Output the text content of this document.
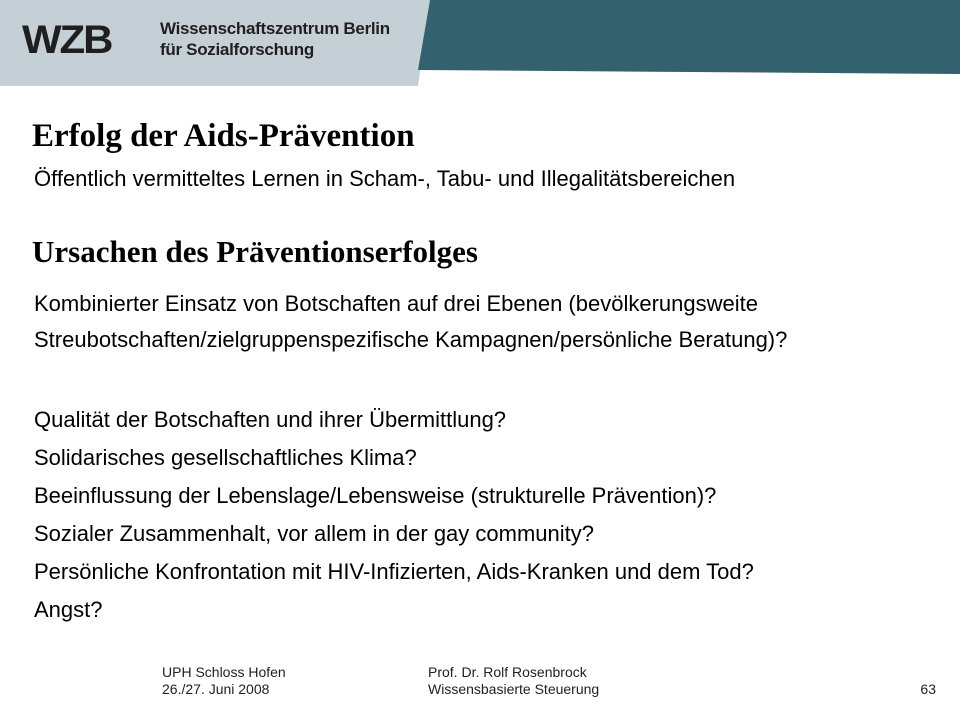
WZB	Wissenschaftszentrum Berlin
für Sozialforschung
Erfolg der Aids-Prävention
Öffentlich vermitteltes Lernen in Scham-, Tabu- und Illegalitätsbereichen
Ursachen des Präventionserfolges
Kombinierter Einsatz von Botschaften auf drei Ebenen (bevölkerungsweite Streubotschaften/zielgruppenspezifische Kampagnen/persönliche Beratung)?
Qualität der Botschaften und ihrer Übermittlung?
Solidarisches gesellschaftliches Klima?
Beeinflussung der Lebenslage/Lebensweise (strukturelle Prävention)?
Sozialer Zusammenhalt, vor allem in der gay community?
Persönliche Konfrontation mit HIV-Infizierten, Aids-Kranken und dem Tod?
Angst?
UPH Schloss Hofen
26./27. Juni 2008
Prof. Dr. Rolf Rosenbrock
Wissensbasierte Steuerung	63
